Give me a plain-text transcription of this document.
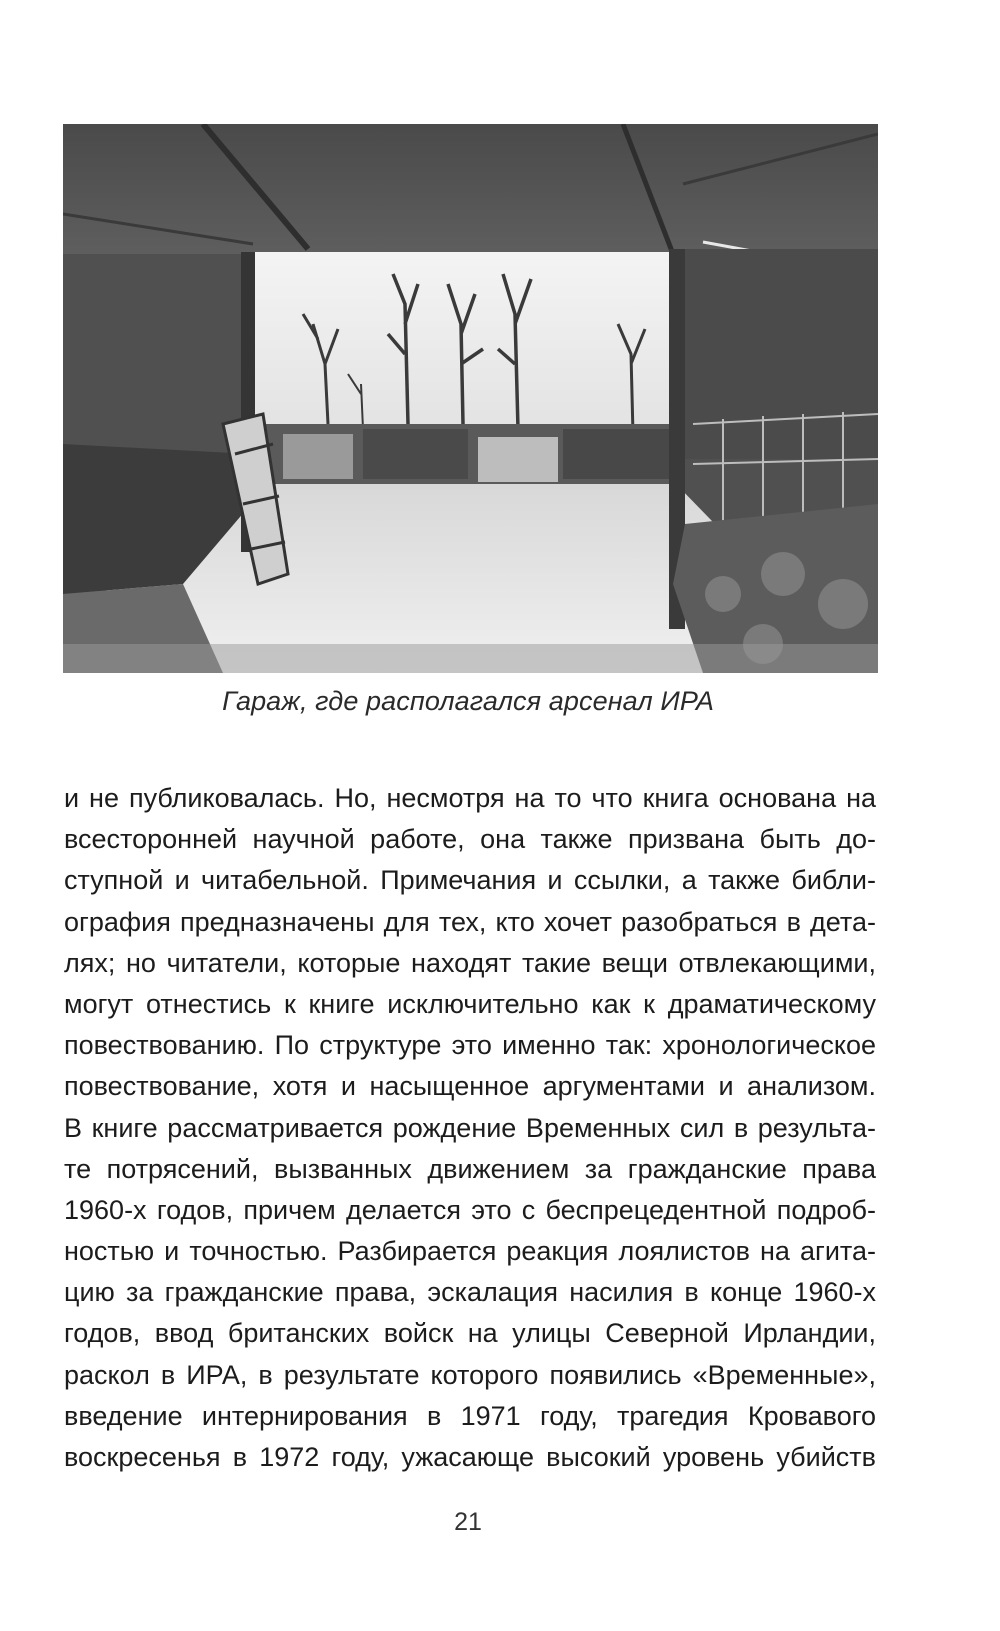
Гараж, где располагался арсенал ИРА
и не публиковалась. Но, несмотря на то что книга основана на
всесторонней научной работе, она также призвана быть до-
ступной и читабельной. Примечания и ссылки, а также библи-
ография предназначены для тех, кто хочет разобраться в дета-
лях; но читатели, которые находят такие вещи отвлекающими,
могут отнестись к книге исключительно как к драматическому
повествованию. По структуре это именно так: хронологическое
повествование, хотя и насыщенное аргументами и анализом.
В книге рассматривается рождение Временных сил в результа-
те потрясений, вызванных движением за гражданские права
1960-х годов, причем делается это с беспрецедентной подроб-
ностью и точностью. Разбирается реакция лоялистов на агита-
цию за гражданские права, эскалация насилия в конце 1960-х
годов, ввод британских войск на улицы Северной Ирландии,
раскол в ИРА, в результате которого появились «Временные»,
введение интернирования в 1971 году, трагедия Кровавого
воскресенья в 1972 году, ужасающе высокий уровень убийств
21
